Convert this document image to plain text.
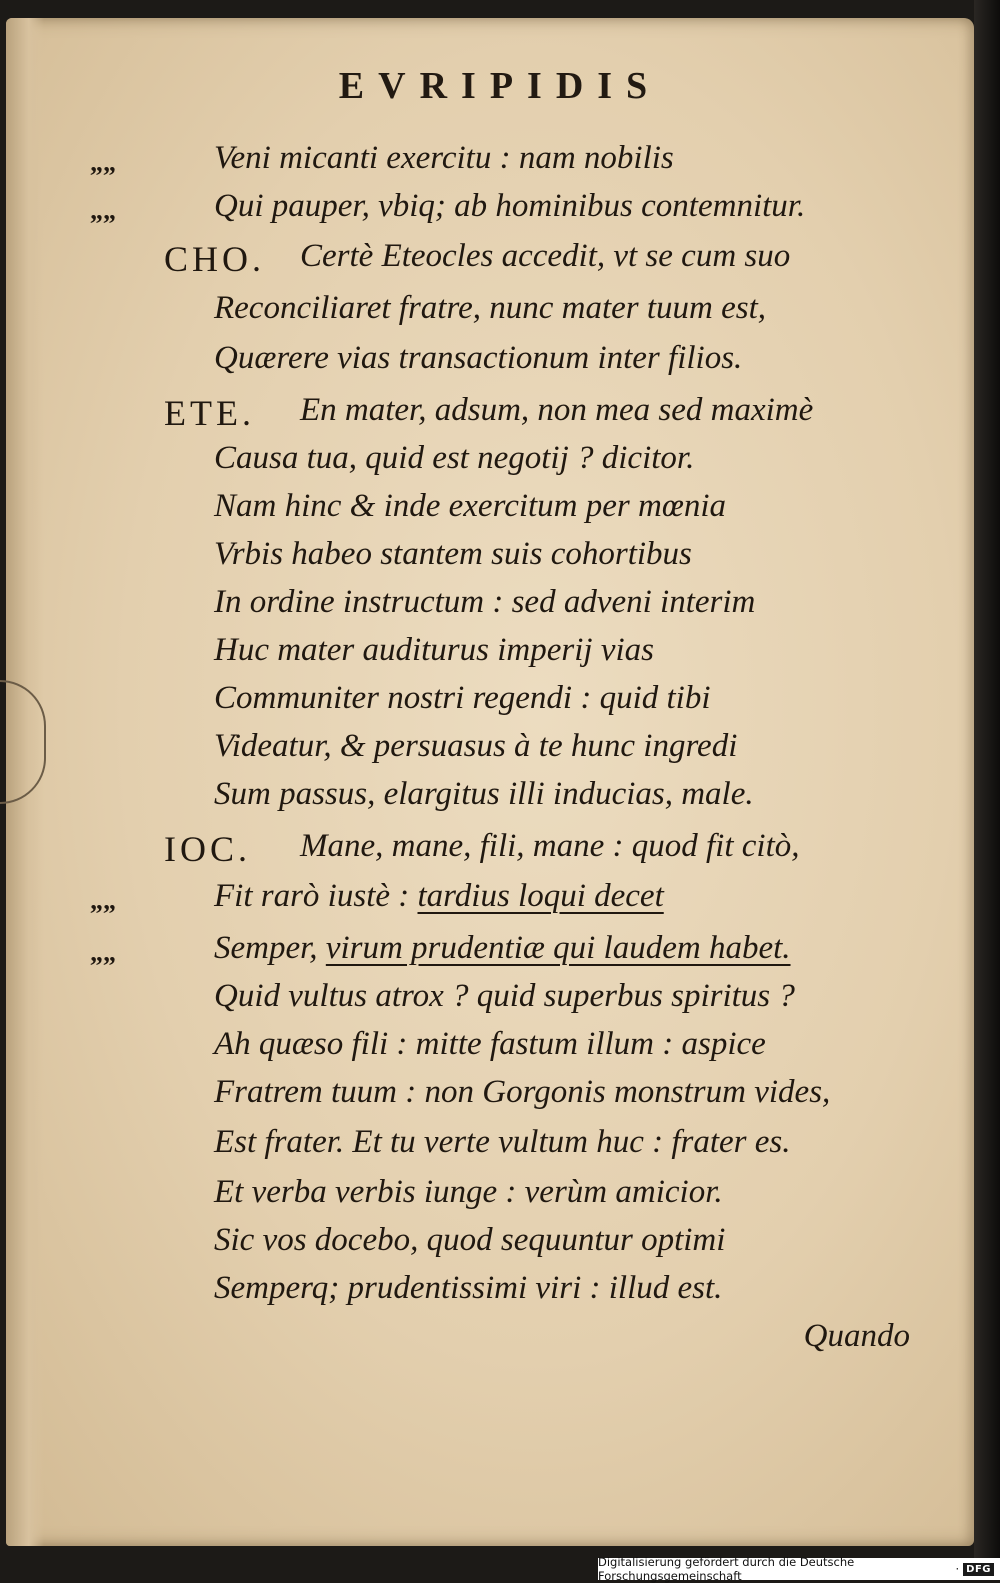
EVRIPIDIS
„„	Veni micanti exercitu : nam nobilis
„„	Qui pauper, vbiq; ab hominibus contemnitur.
CHO. Certè Eteocles accedit, vt se cum suo
Reconciliaret fratre, nunc mater tuum est,
Quærere vias transactionum inter filios.
ETE. En mater, adsum, non mea sed maximè
Causa tua, quid est negotij ? dicitor.
Nam hinc & inde exercitum per mœnia
Vrbis habeo stantem suis cohortibus
In ordine instructum : sed adveni interim
Huc mater auditurus imperij vias
Communiter nostri regendi : quid tibi
Videatur, & persuasus à te hunc ingredi
Sum passus, elargitus illi inducias, male.
IOC. Mane, mane, fili, mane : quod fit citò,
„„	Fit rarò iustè : tardius loqui decet
„„	Semper, virum prudentiæ qui laudem habet.
Quid vultus atrox ? quid superbus spiritus ?
Ah quæso fili : mitte fastum illum : aspice
Fratrem tuum : non Gorgonis monstrum vides,
Est frater. Et tu verte vultum huc : frater es.
Et verba verbis iunge : verùm amicior.
Sic vos docebo, quod sequuntur optimi
Semperq; prudentissimi viri : illud est.
Quando
Digitalisierung gefördert durch die Deutsche Forschungsgemeinschaft	· DFG
